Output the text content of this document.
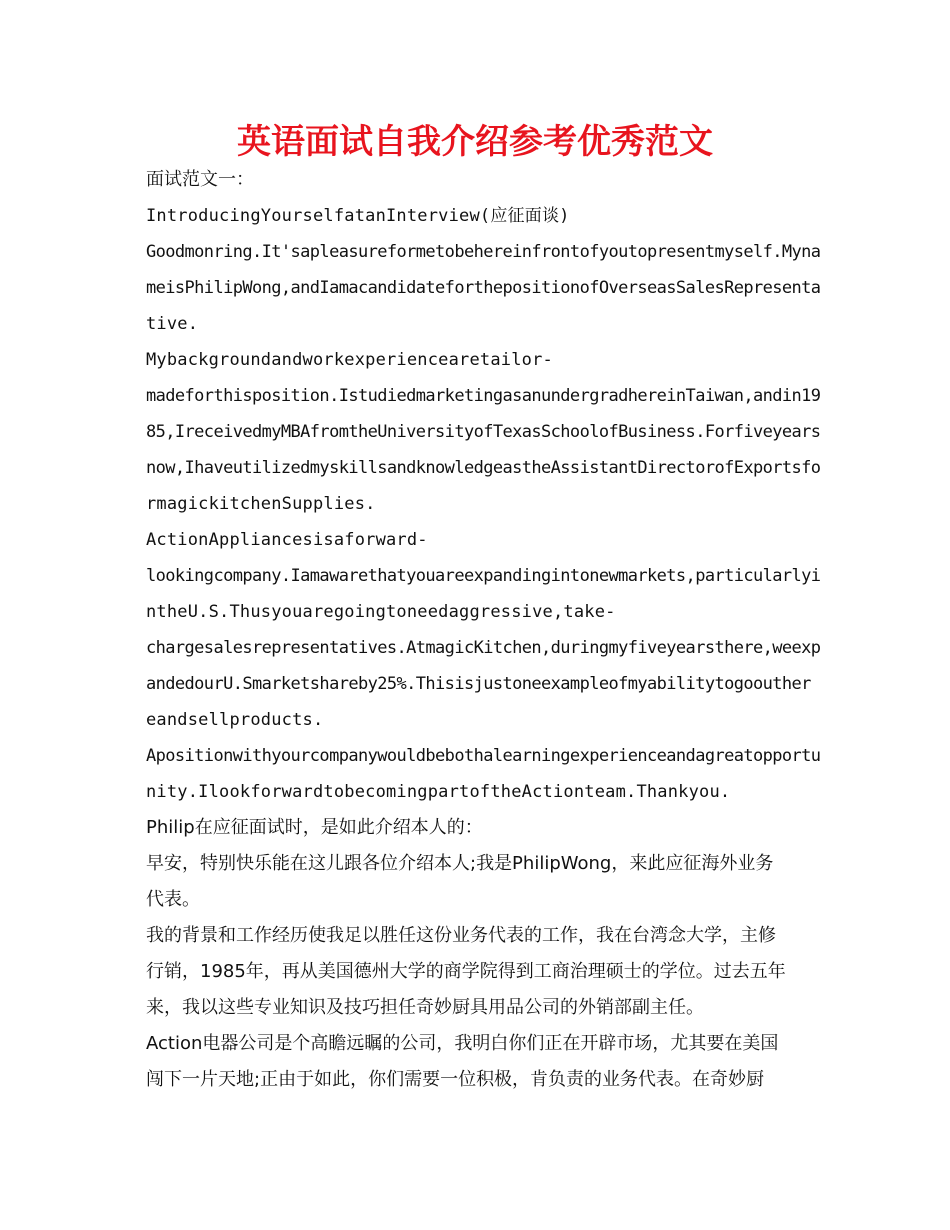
英语面试自我介绍参考优秀范文
面试范文一：
IntroducingYourselfatanInterview(应征面谈)
Goodmonring.It'sapleasureformetobehereinfrontofyoutopresentmyself.Myna
meisPhilipWong,andIamacandidateforthepositionofOverseasSalesRepresenta
tive.
Mybackgroundandworkexperiencearetailor-
madeforthisposition.IstudiedmarketingasanundergradhereinTaiwan,andin19
85,IreceivedmyMBAfromtheUniversityofTexasSchoolofBusiness.Forfiveyears
now,IhaveutilizedmyskillsandknowledgeastheAssistantDirectorofExportsfo
rmagickitchenSupplies.
ActionAppliancesisaforward-
lookingcompany.Iamawarethatyouareexpandingintonewmarkets,particularlyi
ntheU.S.Thusyouaregoingtoneedaggressive,take-
chargesalesrepresentatives.AtmagicKitchen,duringmyfiveyearsthere,weexp
andedourU.Smarketshareby25%.Thisisjustoneexampleofmyabilitytogoouther
eandsellproducts.
Apositionwithyourcompanywouldbebothalearningexperienceandagreatopportu
nity.IlookforwardtobecomingpartoftheActionteam.Thankyou.
Philip在应征面试时，是如此介绍本人的：
早安，特别快乐能在这儿跟各位介绍本人;我是PhilipWong，来此应征海外业务
代表。
我的背景和工作经历使我足以胜任这份业务代表的工作，我在台湾念大学，主修
行销，1985年，再从美国德州大学的商学院得到工商治理硕士的学位。过去五年
来，我以这些专业知识及技巧担任奇妙厨具用品公司的外销部副主任。
Action电器公司是个高瞻远瞩的公司，我明白你们正在开辟市场，尤其要在美国
闯下一片天地;正由于如此，你们需要一位积极，肯负责的业务代表。在奇妙厨
